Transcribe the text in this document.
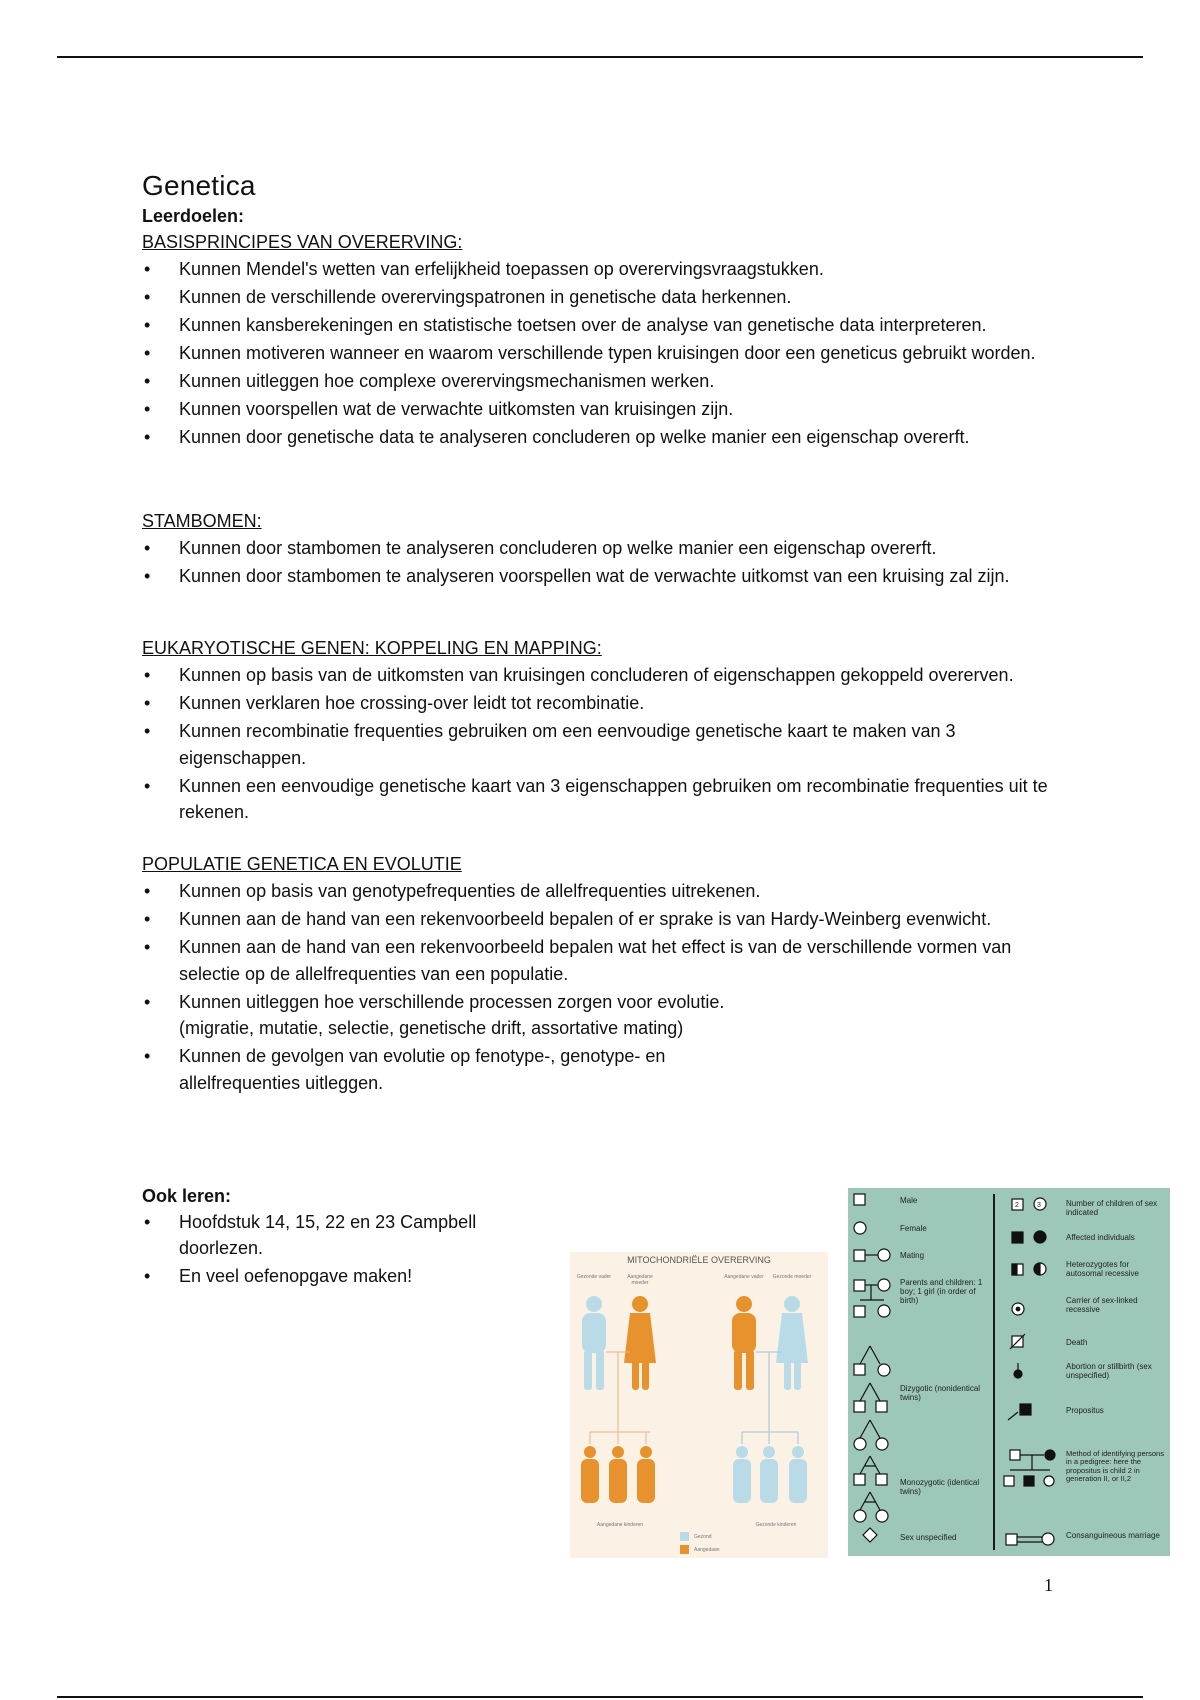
Genetica
Leerdoelen:
BASISPRINCIPES VAN OVERERVING:
• Kunnen Mendel's wetten van erfelijkheid toepassen op overervingsvraagstukken.
• Kunnen de verschillende overervingspatronen in genetische data herkennen.
• Kunnen kansberekeningen en statistische toetsen over de analyse van genetische data interpreteren.
• Kunnen motiveren wanneer en waarom verschillende typen kruisingen door een geneticus gebruikt worden.
• Kunnen uitleggen hoe complexe overervingsmechanismen werken.
• Kunnen voorspellen wat de verwachte uitkomsten van kruisingen zijn.
• Kunnen door genetische data te analyseren concluderen op welke manier een eigenschap overerft.
STAMBOMEN:
• Kunnen door stambomen te analyseren concluderen op welke manier een eigenschap overerft.
• Kunnen door stambomen te analyseren voorspellen wat de verwachte uitkomst van een kruising zal zijn.
EUKARYOTISCHE GENEN: KOPPELING EN MAPPING:
• Kunnen op basis van de uitkomsten van kruisingen concluderen of eigenschappen gekoppeld overerven.
• Kunnen verklaren hoe crossing-over leidt tot recombinatie.
• Kunnen recombinatie frequenties gebruiken om een eenvoudige genetische kaart te maken van 3 eigenschappen.
• Kunnen een eenvoudige genetische kaart van 3 eigenschappen gebruiken om recombinatie frequenties uit te rekenen.
POPULATIE GENETICA EN EVOLUTIE
• Kunnen op basis van genotypefrequenties de allelfrequenties uitrekenen.
• Kunnen aan de hand van een rekenvoorbeeld bepalen of er sprake is van Hardy-Weinberg evenwicht.
• Kunnen aan de hand van een rekenvoorbeeld bepalen wat het effect is van de verschillende vormen van selectie op de allelfrequenties van een populatie.
• Kunnen uitleggen hoe verschillende processen zorgen voor evolutie.
(migratie, mutatie, selectie, genetische drift, assortative mating)
• Kunnen de gevolgen van evolutie op fenotype-, genotype- en
allelfrequenties uitleggen.
Ook leren:
• Hoofdstuk 14, 15, 22 en 23 Campbell
doorlezen.
• En veel oefenopgave maken!
MITOCHONDRIËLE OVERERVING
Gezonde vader	Aangedane moeder
Aangedane vader Gezonde moeder
Aangedane kinderen	Gezonde kinderen
Gezond
Aangedaan
2	3
Male
Female
Mating
Parents and children: 1 boy; 1 girl (in order of birth)
Dizygotic (nonidentical twins)
Monozygotic (identical twins)
Sex unspecified
Number of children of sex indicated
Affected individuals
Heterozygotes for autosomal recessive
Carrier of sex-linked recessive
Death
Abortion or stillbirth (sex unspecified)
Propositus
Method of identifying persons in a pedigree: here the propositus is child 2 in generation II, or II,2
Consanguineous marriage
1
